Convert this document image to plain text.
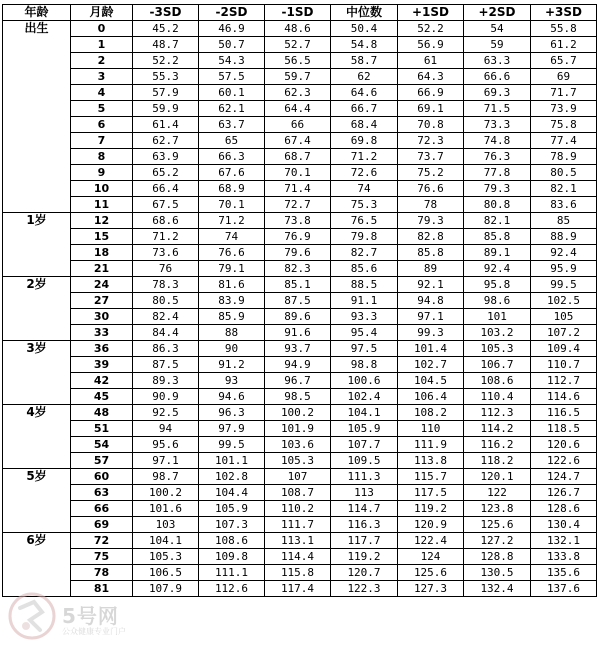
年龄	月龄	-3SD	-2SD	-1SD	中位数	+1SD	+2SD	+3SD
出生	0	45.2	46.9	48.6	50.4	52.2	54	55.8
	1	48.7	50.7	52.7	54.8	56.9	59	61.2
	2	52.2	54.3	56.5	58.7	61	63.3	65.7
	3	55.3	57.5	59.7	62	64.3	66.6	69
	4	57.9	60.1	62.3	64.6	66.9	69.3	71.7
	5	59.9	62.1	64.4	66.7	69.1	71.5	73.9
	6	61.4	63.7	66	68.4	70.8	73.3	75.8
	7	62.7	65	67.4	69.8	72.3	74.8	77.4
	8	63.9	66.3	68.7	71.2	73.7	76.3	78.9
	9	65.2	67.6	70.1	72.6	75.2	77.8	80.5
	10	66.4	68.9	71.4	74	76.6	79.3	82.1
	11	67.5	70.1	72.7	75.3	78	80.8	83.6
1岁	12	68.6	71.2	73.8	76.5	79.3	82.1	85
	15	71.2	74	76.9	79.8	82.8	85.8	88.9
	18	73.6	76.6	79.6	82.7	85.8	89.1	92.4
	21	76	79.1	82.3	85.6	89	92.4	95.9
2岁	24	78.3	81.6	85.1	88.5	92.1	95.8	99.5
	27	80.5	83.9	87.5	91.1	94.8	98.6	102.5
	30	82.4	85.9	89.6	93.3	97.1	101	105
	33	84.4	88	91.6	95.4	99.3	103.2	107.2
3岁	36	86.3	90	93.7	97.5	101.4	105.3	109.4
	39	87.5	91.2	94.9	98.8	102.7	106.7	110.7
	42	89.3	93	96.7	100.6	104.5	108.6	112.7
	45	90.9	94.6	98.5	102.4	106.4	110.4	114.6
4岁	48	92.5	96.3	100.2	104.1	108.2	112.3	116.5
	51	94	97.9	101.9	105.9	110	114.2	118.5
	54	95.6	99.5	103.6	107.7	111.9	116.2	120.6
	57	97.1	101.1	105.3	109.5	113.8	118.2	122.6
5岁	60	98.7	102.8	107	111.3	115.7	120.1	124.7
	63	100.2	104.4	108.7	113	117.5	122	126.7
	66	101.6	105.9	110.2	114.7	119.2	123.8	128.6
	69	103	107.3	111.7	116.3	120.9	125.6	130.4
6岁	72	104.1	108.6	113.1	117.7	122.4	127.2	132.1
	75	105.3	109.8	114.4	119.2	124	128.8	133.8
	78	106.5	111.1	115.8	120.7	125.6	130.5	135.6
	81	107.9	112.6	117.4	122.3	127.3	132.4	137.6
5号网
公众健康专业门户
